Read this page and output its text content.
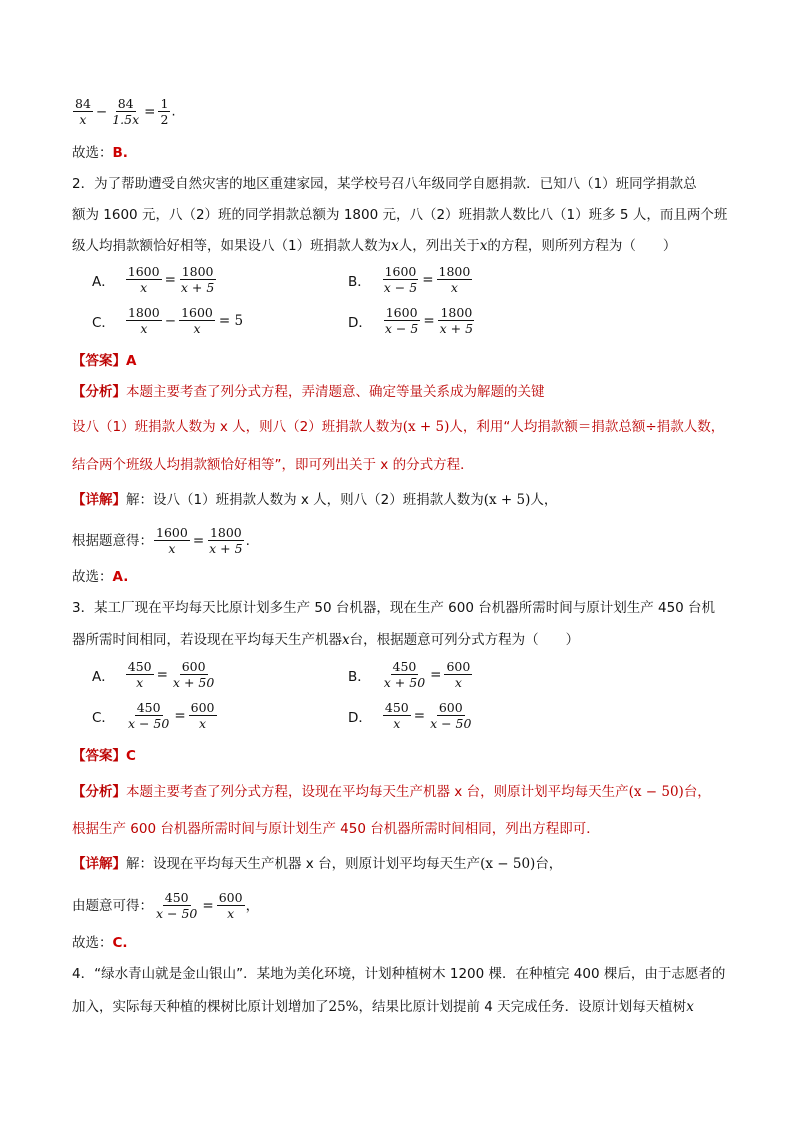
$\frac{84}{x} - \frac{84}{1.5x} = \frac{1}{2}$ .
故选：B.
2．为了帮助遭受自然灾害的地区重建家园，某学校号召八年级同学自愿捐款．已知八（1）班同学捐款总
额为 1600 元，八（2）班的同学捐款总额为 1800 元，八（2）班捐款人数比八（1）班多 5 人，而且两个班
级人均捐款额恰好相等，如果设八（1）班捐款人数为x人，列出关于x的方程，则所列方程为（　　）
A． $\frac{1600}{x} = \frac{1800}{x + 5}$	B． $\frac{1600}{x - 5} = \frac{1800}{x}$
C． $\frac{1800}{x} - \frac{1600}{x} = 5$	D． $\frac{1600}{x - 5} = \frac{1800}{x + 5}$
【答案】A
【分析】本题主要考查了列分式方程，弄清题意、确定等量关系成为解题的关键
设八（1）班捐款人数为 x 人，则八（2）班捐款人数为(x + 5)人，利用“人均捐款额＝捐款总额÷捐款人数，
结合两个班级人均捐款额恰好相等”，即可列出关于 x 的分式方程．
【详解】解：设八（1）班捐款人数为 x 人，则八（2）班捐款人数为(x + 5)人，
根据题意得： $\frac{1600}{x} = \frac{1800}{x + 5}$ .
故选：A.
3．某工厂现在平均每天比原计划多生产 50 台机器，现在生产 600 台机器所需时间与原计划生产 450 台机
器所需时间相同，若设现在平均每天生产机器x台，根据题意可列分式方程为（　　）
A． $\frac{450}{x} = \frac{600}{x + 50}$	B． $\frac{450}{x + 50} = \frac{600}{x}$
C． $\frac{450}{x - 50} = \frac{600}{x}$	D． $\frac{450}{x} = \frac{600}{x - 50}$
【答案】C
【分析】本题主要考查了列分式方程，设现在平均每天生产机器 x 台，则原计划平均每天生产(x − 50)台，
根据生产 600 台机器所需时间与原计划生产 450 台机器所需时间相同，列出方程即可．
【详解】解：设现在平均每天生产机器 x 台，则原计划平均每天生产(x − 50)台，
由题意可得： $\frac{450}{x - 50} = \frac{600}{x}$ ，
故选：C.
4．“绿水青山就是金山银山”．某地为美化环境，计划种植树木 1200 棵．在种植完 400 棵后，由于志愿者的
加入，实际每天种植的棵树比原计划增加了25%，结果比原计划提前 4 天完成任务．设原计划每天植树x
